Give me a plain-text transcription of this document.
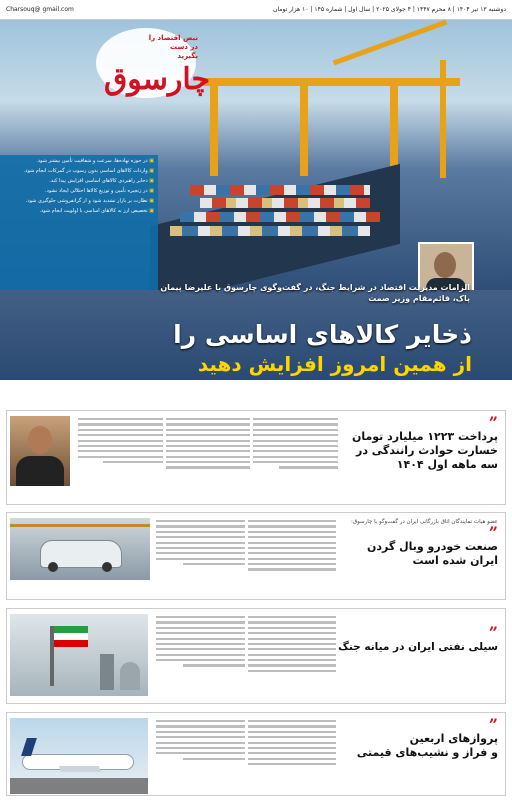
Charsouq@ gmail.com	دوشنبه ۱۳ تیر ۱۴۰۴ | ۸ محرم ۱۴۴۷ | ۴ جولای ۲۰۲۵ | سال اول | شماره ۱۴۵ | ۱۰ هزار تومان
نبض اقتصاد را در دست بگیرید
چارسوق

▣ در حوزه نهاده‌ها، سرعت و شفافیت تأمین بیشتر شود.

▣ واردات کالاهای اساسی بدون رسوب در گمرکات انجام شود.

▣ ذخایر راهبردی کالاهای اساسی افزایش پیدا کند.

▣ در زنجیره تأمین و توزیع کالاها اختلالی ایجاد نشود.

▣ نظارت بر بازار تشدید شود و از گرانفروشی جلوگیری شود.

▣ تخصیص ارز به کالاهای اساسی با اولویت انجام شود.

الزامات مدیریت اقتصاد در شرایط جنگ، در گفت‌وگوی چارسوق با علیرضا پیمان پاک، قائم‌مقام وزیر صمت
ذخایر کالاهای اساسی را
از همین امروز افزایش دهید
”
پرداخت ۱۲۲۳ میلیارد تومان
خسارت حوادث رانندگی در
سه ماهه اول ۱۴۰۴
عضو هیات نمایندگان اتاق بازرگانی ایران در گفت‌وگو با چارسوق:
”
صنعت خودرو وبال گردن
ایران شده است
”
سیلی نفتی ایران در میانه جنگ
”
پروازهای اربعین
و فراز و نشیب‌های قیمتی
